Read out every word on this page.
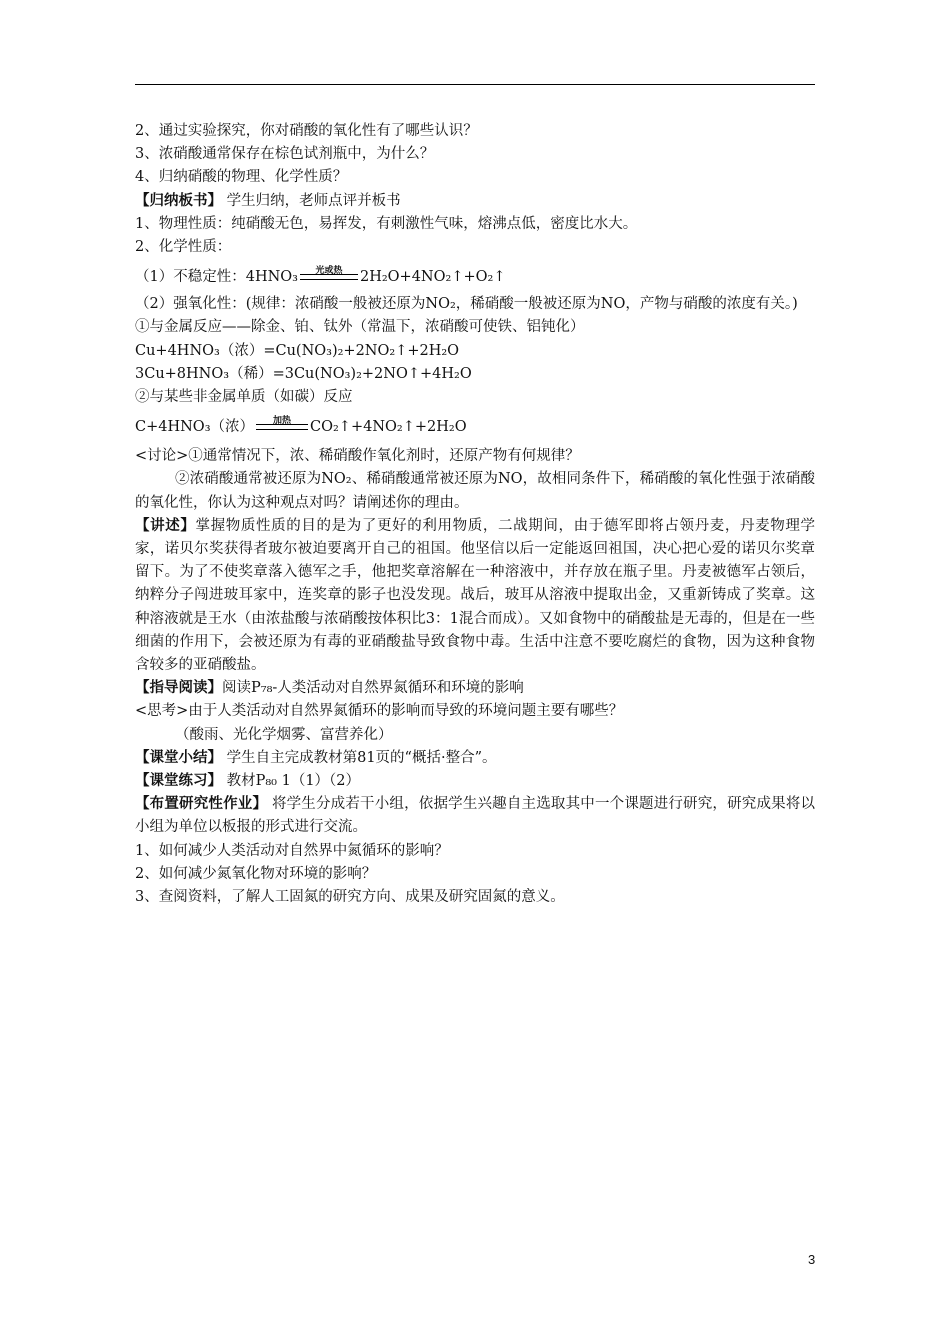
2、通过实验探究，你对硝酸的氧化性有了哪些认识？
3、浓硝酸通常保存在棕色试剂瓶中，为什么？
4、归纳硝酸的物理、化学性质？
【归纳板书】 学生归纳，老师点评并板书
1、物理性质：纯硝酸无色，易挥发，有刺激性气味，熔沸点低，密度比水大。
2、化学性质：
（1）不稳定性：4HNO₃	光或热	2H₂O+4NO₂↑+O₂↑
（2）强氧化性：(规律：浓硝酸一般被还原为NO₂，稀硝酸一般被还原为NO，产物与硝酸的浓度有关。)
①与金属反应——除金、铂、钛外（常温下，浓硝酸可使铁、铝钝化）
Cu+4HNO₃（浓）=Cu(NO₃)₂+2NO₂↑+2H₂O
3Cu+8HNO₃（稀）=3Cu(NO₃)₂+2NO↑+4H₂O
②与某些非金属单质（如碳）反应
C+4HNO₃（浓）	加热	CO₂↑+4NO₂↑+2H₂O
<讨论>①通常情况下，浓、稀硝酸作氧化剂时，还原产物有何规律？
②浓硝酸通常被还原为NO₂、稀硝酸通常被还原为NO，故相同条件下，稀硝酸的氧化性强于浓硝酸的氧化性，你认为这种观点对吗？请阐述你的理由。
【讲述】掌握物质性质的目的是为了更好的利用物质，二战期间，由于德军即将占领丹麦，丹麦物理学家，诺贝尔奖获得者玻尔被迫要离开自己的祖国。他坚信以后一定能返回祖国，决心把心爱的诺贝尔奖章留下。为了不使奖章落入德军之手，他把奖章溶解在一种溶液中，并存放在瓶子里。丹麦被德军占领后，纳粹分子闯进玻耳家中，连奖章的影子也没发现。战后，玻耳从溶液中提取出金，又重新铸成了奖章。这种溶液就是王水（由浓盐酸与浓硝酸按体积比3：1混合而成）。又如食物中的硝酸盐是无毒的，但是在一些细菌的作用下，会被还原为有毒的亚硝酸盐导致食物中毒。生活中注意不要吃腐烂的食物，因为这种食物含较多的亚硝酸盐。
【指导阅读】阅读P₇₈-人类活动对自然界氮循环和环境的影响
<思考>由于人类活动对自然界氮循环的影响而导致的环境问题主要有哪些？
（酸雨、光化学烟雾、富营养化）
【课堂小结】 学生自主完成教材第81页的“概括·整合”。
【课堂练习】 教材P₈₀ 1（1）（2）
【布置研究性作业】 将学生分成若干小组，依据学生兴趣自主选取其中一个课题进行研究，研究成果将以小组为单位以板报的形式进行交流。
1、如何减少人类活动对自然界中氮循环的影响？
2、如何减少氮氧化物对环境的影响？
3、查阅资料，了解人工固氮的研究方向、成果及研究固氮的意义。
3
